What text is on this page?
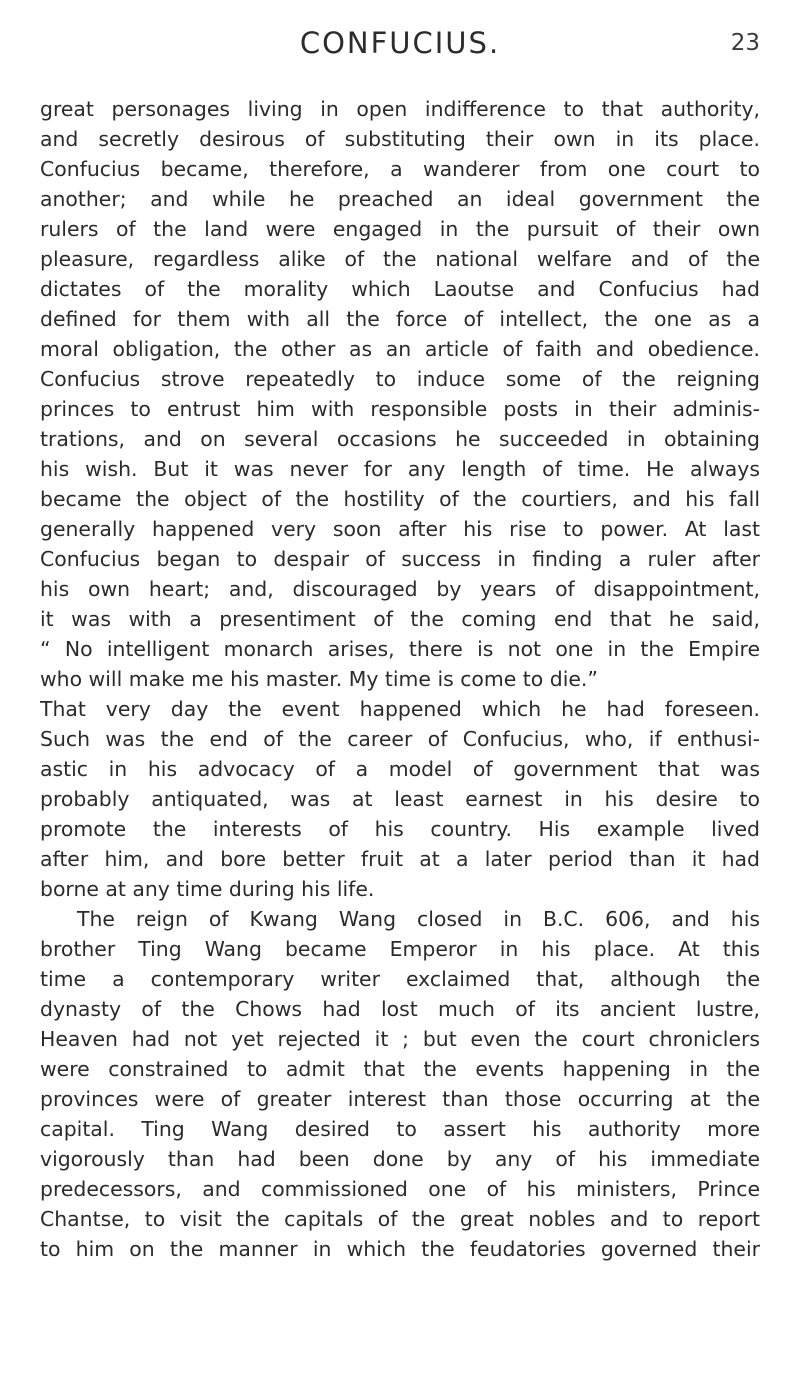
CONFUCIUS.	23
great personages living in open indifference to that authority,
and secretly desirous of substituting their own in its place.
Confucius became, therefore, a wanderer from one court to
another; and while he preached an ideal government the
rulers of the land were engaged in the pursuit of their own
pleasure, regardless alike of the national welfare and of the
dictates of the morality which Laoutse and Confucius had
defined for them with all the force of intellect, the one as a
moral obligation, the other as an article of faith and obedience.
Confucius strove repeatedly to induce some of the reigning
princes to entrust him with responsible posts in their adminis-
trations, and on several occasions he succeeded in obtaining
his wish. But it was never for any length of time. He always
became the object of the hostility of the courtiers, and his fall
generally happened very soon after his rise to power. At last
Confucius began to despair of success in finding a ruler after
his own heart; and, discouraged by years of disappointment,
it was with a presentiment of the coming end that he said,
“ No intelligent monarch arises, there is not one in the Empire
who will make me his master. My time is come to die.”
That very day the event happened which he had foreseen.
Such was the end of the career of Confucius, who, if enthusi-
astic in his advocacy of a model of government that was
probably antiquated, was at least earnest in his desire to
promote the interests of his country. His example lived
after him, and bore better fruit at a later period than it had
borne at any time during his life.
The reign of Kwang Wang closed in B.C. 606, and his
brother Ting Wang became Emperor in his place. At this
time a contemporary writer exclaimed that, although the
dynasty of the Chows had lost much of its ancient lustre,
Heaven had not yet rejected it ; but even the court chroniclers
were constrained to admit that the events happening in the
provinces were of greater interest than those occurring at the
capital. Ting Wang desired to assert his authority more
vigorously than had been done by any of his immediate
predecessors, and commissioned one of his ministers, Prince
Chantse, to visit the capitals of the great nobles and to report
to him on the manner in which the feudatories governed their
